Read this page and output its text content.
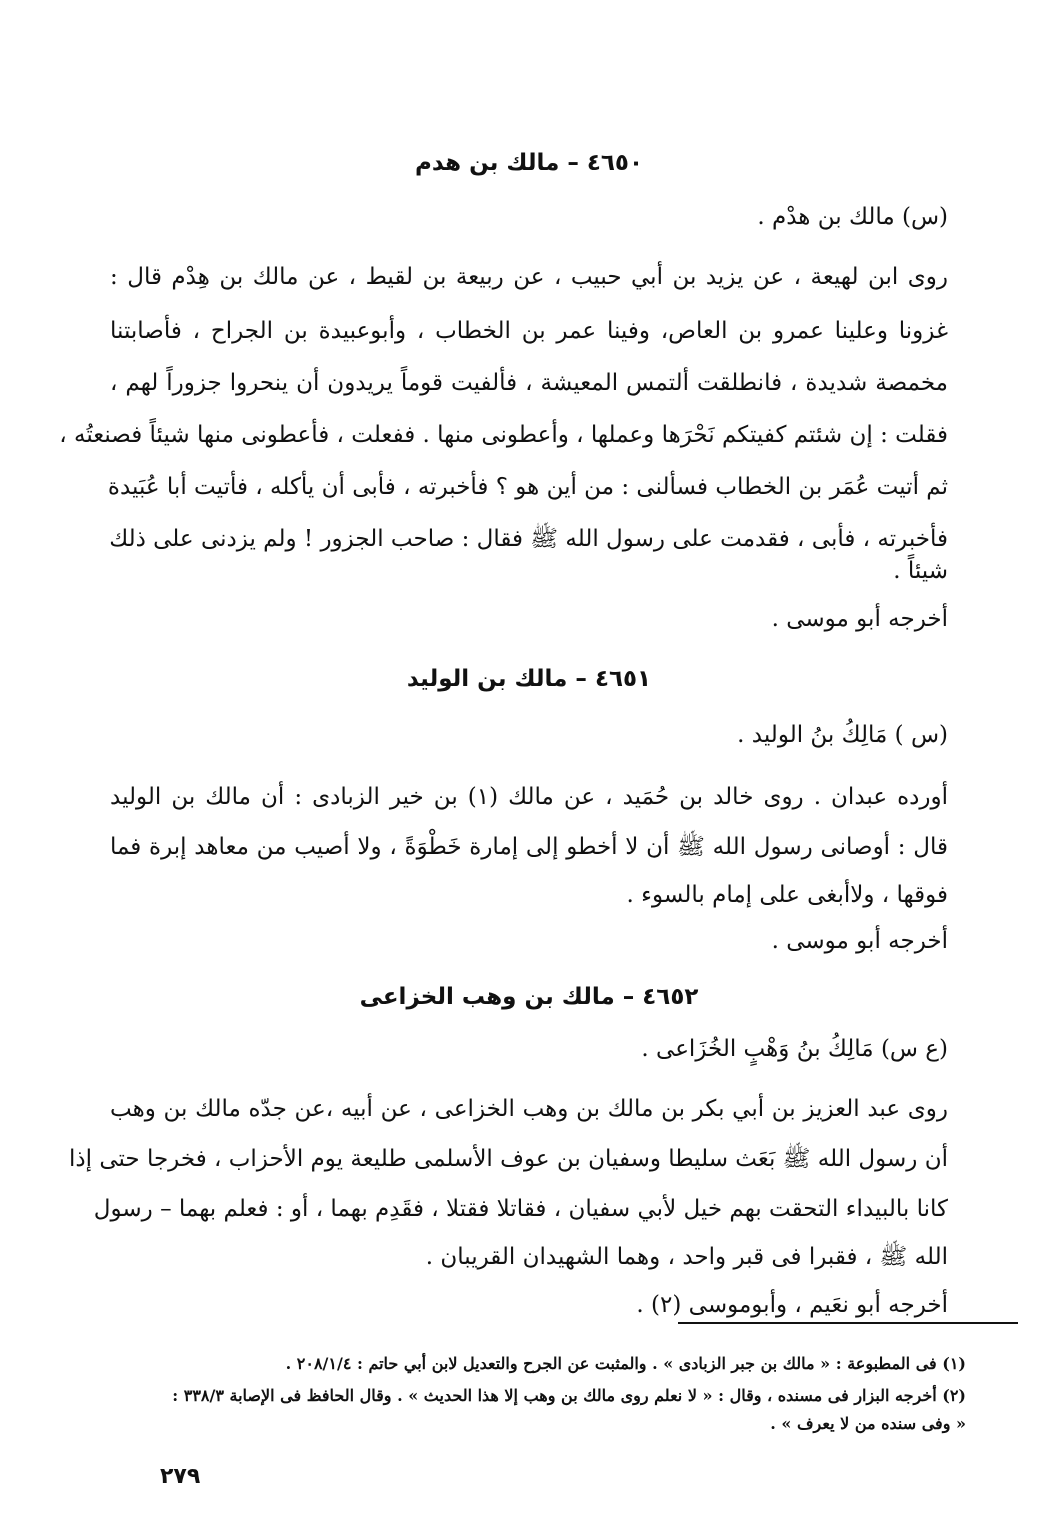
٤٦٥٠ – مالك بن هدم
(س) مالك بن هدْم .
روى ابن لهيعة ، عن يزيد بن أبي حبيب ، عن ربيعة بن لقيط ، عن مالك بن هِدْم قال :
غزونا وعلينا عمرو بن العاص، وفينا عمر بن الخطاب ، وأبوعبيدة بن الجراح ، فأصابتنا
مخمصة شديدة ، فانطلقت ألتمس المعيشة ، فألفيت قوماً يريدون أن ينحروا جزوراً لهم ،
فقلت : إن شئتم كفيتكم نَحْرَها وعملها ، وأعطونى منها . ففعلت ، فأعطونى منها شيئاً فصنعتُه ،
ثم أتيت عُمَر بن الخطاب فسألنى : من أين هو ؟ فأخبرته ، فأبى أن يأكله ، فأتيت أبا عُبَيدة
فأخبرته ، فأبى ، فقدمت على رسول الله ﷺ فقال : صاحب الجزور ! ولم يزدنى على ذلك
شيئاً .
أخرجه أبو موسى .
٤٦٥١ – مالك بن الوليد
(س ) مَالِكُ بنُ الوليد .
أورده عبدان . روى خالد بن حُمَيد ، عن مالك (١) بن خير الزبادى : أن مالك بن الوليد
قال : أوصانى رسول الله ﷺ أن لا أخطو إلى إمارة خَطْوَةً ، ولا أصيب من معاهد إبرة فما
فوقها ، ولاأبغى على إمام بالسوء .
أخرجه أبو موسى .
٤٦٥٢ – مالك بن وهب الخزاعى
(ع س) مَالِكُ بنُ وَهْبٍ الخُزَاعى .
روى عبد العزيز بن أبي بكر بن مالك بن وهب الخزاعى ، عن أبيه ،عن جدّه مالك بن وهب
أن رسول الله ﷺ بَعَث سليطا وسفيان بن عوف الأسلمى طليعة يوم الأحزاب ، فخرجا حتى إذا
كانا بالبيداء التحقت بهم خيل لأبي سفيان ، فقاتلا فقتلا ، فقَدِم بهما ، أو : فعلم بهما – رسول
الله ﷺ ، فقبرا فى قبر واحد ، وهما الشهيدان القريبان .
أخرجه أبو نعَيم ، وأبوموسى (٢) .
(١) فى المطبوعة : « مالك بن جبر الزبادى » . والمثبت عن الجرح والتعديل لابن أبي حاتم : ٢٠٨/١/٤ .
(٢) أخرجه البزار فى مسنده ، وقال : « لا نعلم روى مالك بن وهب إلا هذا الحديث » . وقال الحافظ فى الإصابة ٣٣٨/٣ :
« وفى سنده من لا يعرف » .
٢٧٩
